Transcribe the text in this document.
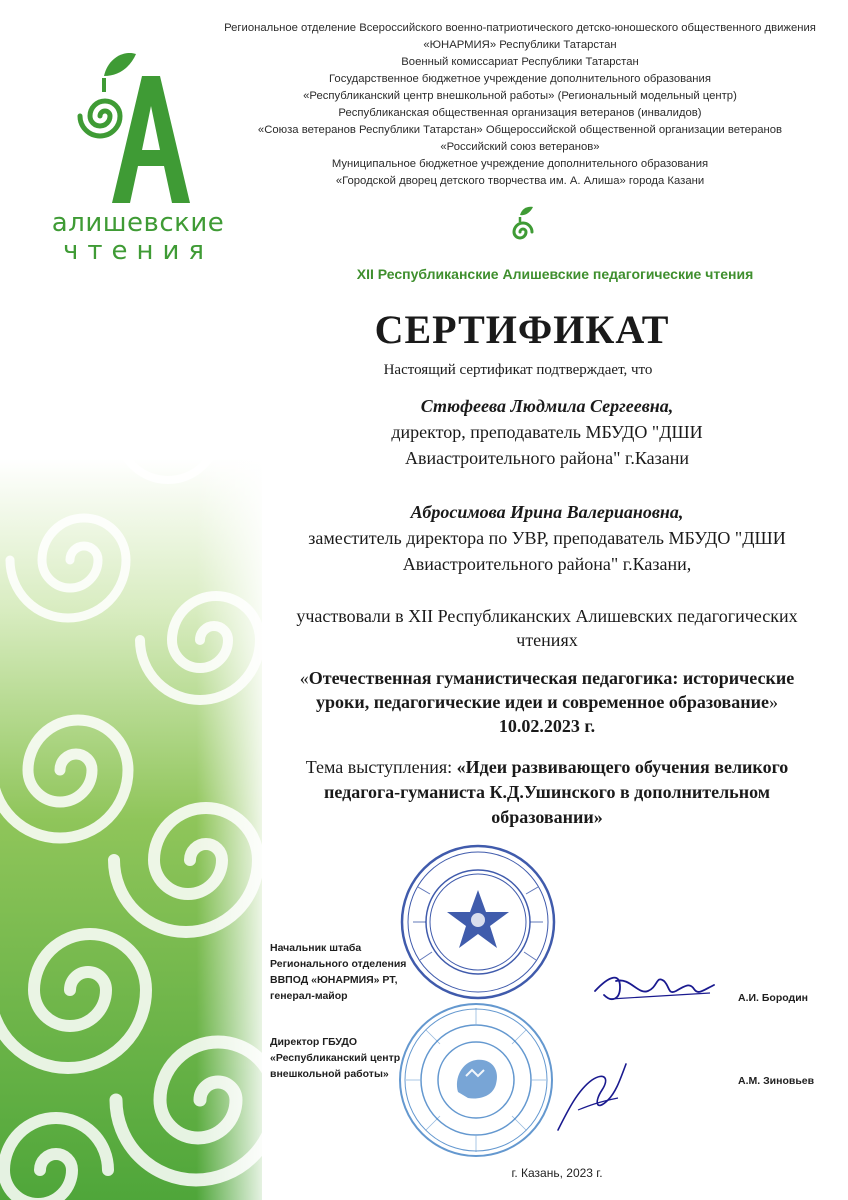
алишевские
чтения
Региональное отделение Всероссийского военно-патриотического детско-юношеского общественного движения
«ЮНАРМИЯ» Республики Татарстан
Военный комиссариат Республики Татарстан
Государственное бюджетное учреждение дополнительного образования
«Республиканский центр внешкольной работы» (Региональный модельный центр)
Республиканская общественная организация ветеранов (инвалидов)
«Союза ветеранов Республики Татарстан» Общероссийской общественной организации ветеранов
«Российский союз ветеранов»
Муниципальное бюджетное учреждение дополнительного образования
«Городской дворец детского творчества им. А. Алиша» города Казани
XII Республиканские Алишевские педагогические чтения
СЕРТИФИКАТ
Настоящий сертификат подтверждает, что
Стюфеева Людмила Сергеевна,
директор, преподаватель МБУДО "ДШИ
Авиастроительного района" г.Казани
Абросимова Ирина Валериановна,
заместитель директора по УВР, преподаватель МБУДО "ДШИ
Авиастроительного района" г.Казани,
участвовали в XII Республиканских Алишевских педагогических
чтениях
«Отечественная гуманистическая педагогика: исторические
уроки, педагогические идеи и современное образование»
10.02.2023 г.
Тема выступления: «Идеи развивающего обучения великого
педагога-гуманиста К.Д.Ушинского в дополнительном
образовании»
Начальник штаба
Регионального отделения
ВВПОД «ЮНАРМИЯ» РТ,
генерал-майор	А.И. Бородин
Директор ГБУДО
«Республиканский центр
внешкольной работы»
А.М. Зиновьев
г. Казань, 2023 г.
